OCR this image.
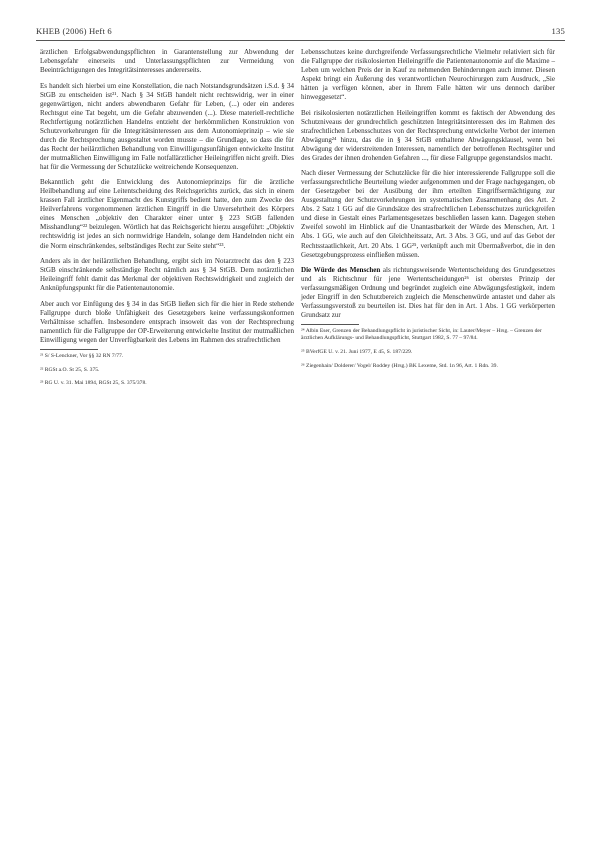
KHEB (2006) Heft 6	135

ärztlichen Erfolgsabwendungspflichten in Garantenstellung zur Abwendung der Lebensgefahr einerseits und Unterlassungspflichten zur Vermeidung von Beeinträchtigungen des Integritätsinteresses andererseits.

Es handelt sich hierbei um eine Konstellation, die nach Notstandsgrundsätzen i.S.d. § 34 StGB zu entscheiden ist²¹. Nach § 34 StGB handelt nicht rechtswidrig, wer in einer gegenwärtigen, nicht anders abwendbaren Gefahr für Leben, (...) oder ein anderes Rechtsgut eine Tat begeht, um die Gefahr abzuwenden (...). Diese materiell-rechtliche Rechtfertigung notärztlichen Handelns entzieht der herkömmlichen Konstruktion von Schutzvorkehrungen für die Integritätsinteressen aus dem Autonomieprinzip – wie sie durch die Rechtsprechung ausgestaltet worden musste – die Grundlage, so dass die für das Recht der heilärztlichen Behandlung von Einwilligungsunfähigen entwickelte Institut der mutmaßlichen Einwilligung im Falle notfallärztlicher Heileingriffen nicht greift. Dies hat für die Vermessung der Schutzlücke weitreichende Konsequenzen.

Bekanntlich geht die Entwicklung des Autonomieprinzips für die ärztliche Heilbehandlung auf eine Leitentscheidung des Reichsgerichts zurück, das sich in einem krassen Fall ärztlicher Eigenmacht des Kunstgriffs bedient hatte, den zum Zwecke des Heilverfahrens vorgenommenen ärztlichen Eingriff in die Unversehrtheit des Körpers eines Menschen „objektiv den Charakter einer unter § 223 StGB fallenden Misshandlung“²² beizulegen. Wörtlich hat das Reichsgericht hierzu ausgeführt: „Objektiv rechtswidrig ist jedes an sich normwidrige Handeln, solange dem Handelnden nicht ein die Norm einschränkendes, selbständiges Recht zur Seite steht“²³.

Anders als in der heilärztlichen Behandlung, ergibt sich im Notarztrecht das den § 223 StGB einschränkende selbständige Recht nämlich aus § 34 StGB. Dem notärztlichen Heileingriff fehlt damit das Merkmal der objektiven Rechtswidrigkeit und zugleich der Anknüpfungspunkt für die Patientenautonomie.

Aber auch vor Einfügung des § 34 in das StGB ließen sich für die hier in Rede stehende Fallgruppe durch bloße Unfähigkeit des Gesetzgebers keine verfassungskonformen Verhältnisse schaffen. Insbesondere entsprach insoweit das von der Rechtsprechung namentlich für die Fallgruppe der OP-Erweiterung entwickelte Institut der mutmaßlichen Einwilligung wegen der Unverfügbarkeit des Lebens im Rahmen des strafrechtlichen

²¹ S/ S-Lenckner, Vor §§ 32 RN 7/77.

²² RGSt a.O. St 25, S. 375.

²³ RG U. v. 31. Mai 1894, RGSt 25, S. 375/378.

Lebensschutzes keine durchgreifende Verfassungsrechtliche Vielmehr relativiert sich für die Fallgruppe der risikolosierten Heileingriffe die Patientenautonomie auf die Maxime – Leben um welchen Preis der in Kauf zu nehmenden Behinderungen auch immer. Diesen Aspekt bringt ein Äußerung des verantwortlichen Neurochirurgen zum Ausdruck, „Sie hätten ja verfügen können, aber in Ihrem Falle hätten wir uns dennoch darüber hinweggesetzt“.

Bei risikolosierten notärztlichen Heileingriffen kommt es faktisch der Abwendung des Schutzniveaus der grundrechtlich geschützten Integritätsinteressen des im Rahmen des strafrechtlichen Lebensschutzes von der Rechtsprechung entwickelte Verbot der internen Abwägung²⁴ hinzu, das die in § 34 StGB enthaltene Abwägungsklausel, wenn bei Abwägung der widerstreitenden Interessen, namentlich der betroffenen Rechtsgüter und des Grades der ihnen drohenden Gefahren ..., für diese Fallgruppe gegenstandslos macht.

Nach dieser Vermessung der Schutzlücke für die hier interessierende Fallgruppe soll die verfassungsrechtliche Beurteilung wieder aufgenommen und der Frage nachgegangen, ob der Gesetzgeber bei der Ausübung der ihm erteilten Eingriffsermächtigung zur Ausgestaltung der Schutzvorkehrungen im systematischen Zusammenhang des Art. 2 Abs. 2 Satz 1 GG auf die Grundsätze des strafrechtlichen Lebensschutzes zurückgreifen und diese in Gestalt eines Parlamentsgesetzes beschließen lassen kann. Dagegen stehen Zweifel sowohl im Hinblick auf die Unantastbarkeit der Würde des Menschen, Art. 1 Abs. 1 GG, wie auch auf den Gleichheitssatz, Art. 3 Abs. 3 GG, und auf das Gebot der Rechtsstaatlichkeit, Art. 20 Abs. 1 GG²⁵, verknüpft auch mit Übermaßverbot, die in den Gesetzgebungsprozess einfließen müssen.

Die Würde des Menschen als richtungsweisende Wertentscheidung des Grundgesetzes und als Richtschnur für jene Wertentscheidungen²⁶ ist oberstes Prinzip der verfassungsmäßigen Ordnung und begründet zugleich eine Abwägungsfestigkeit, indem jeder Eingriff in den Schutzbereich zugleich die Menschenwürde antastet und daher als Verfassungsverstoß zu beurteilen ist. Dies hat für den in Art. 1 Abs. 1 GG verkörperten Grundsatz zur

²⁴ Albin Eser, Grenzen der Behandlungspflicht in juristischer Sicht, in: Lauter/Meyer – Hrsg. – Grenzen der ärztlichen Aufklärungs- und Behandlungspflicht, Stuttgart 1982, S. 77 – 97/84.

²⁵ BVerfGE U. v. 21. Juni 1977, E 45, S. 187/229.

²⁶ Ziegenhain/ Dolderer/ Vogel/ Roddey (Hrsg.) BK Lexeme, Std. 1n 96, Art. 1 Rdn. 39.
